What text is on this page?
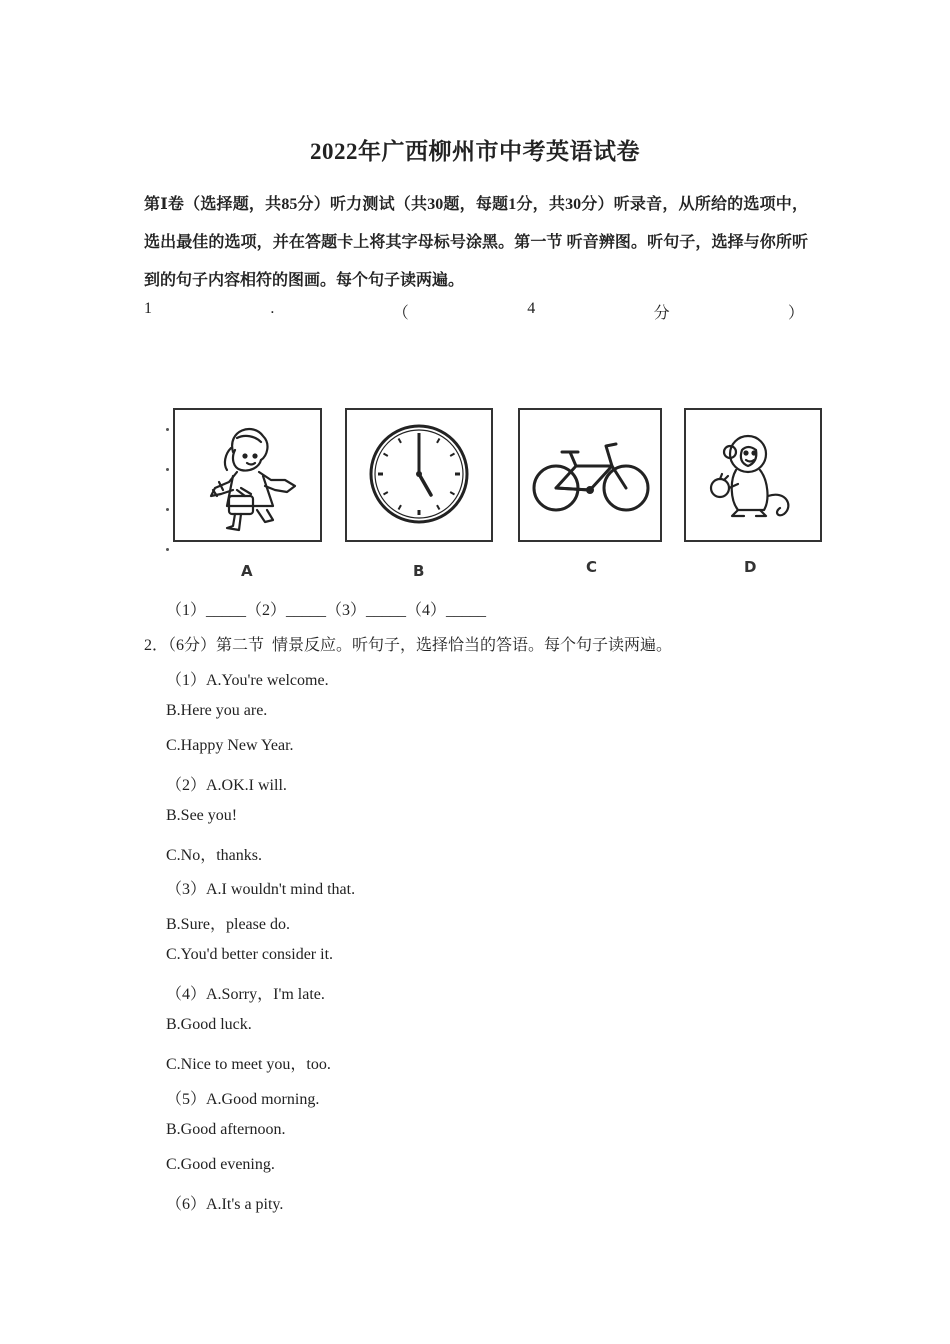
2022年广西柳州市中考英语试卷
第Ⅰ卷（选择题，共85分）听力测试（共30题，每题1分，共30分）听录音，从所给的选项中，选出最佳的选项，并在答题卡上将其字母标号涂黑。第一节 听音辨图。听句子，选择与你所听到的句子内容相符的图画。每个句子读两遍。
1	.	（	4	分	）
A	B	C	D
（1）_____（2）_____（3）_____（4）_____
2．（6分）第二节  情景反应。听句子，选择恰当的答语。每个句子读两遍。
（1）A.You're welcome.
B.Here you are.
C.Happy New Year.
（2）A.OK.I will.
B.See you!
C.No，thanks.
（3）A.I wouldn't mind that.
B.Sure，please do.
C.You'd better consider it.
（4）A.Sorry，I'm late.
B.Good luck.
C.Nice to meet you，too.
（5）A.Good morning.
B.Good afternoon.
C.Good evening.
（6）A.It's a pity.
